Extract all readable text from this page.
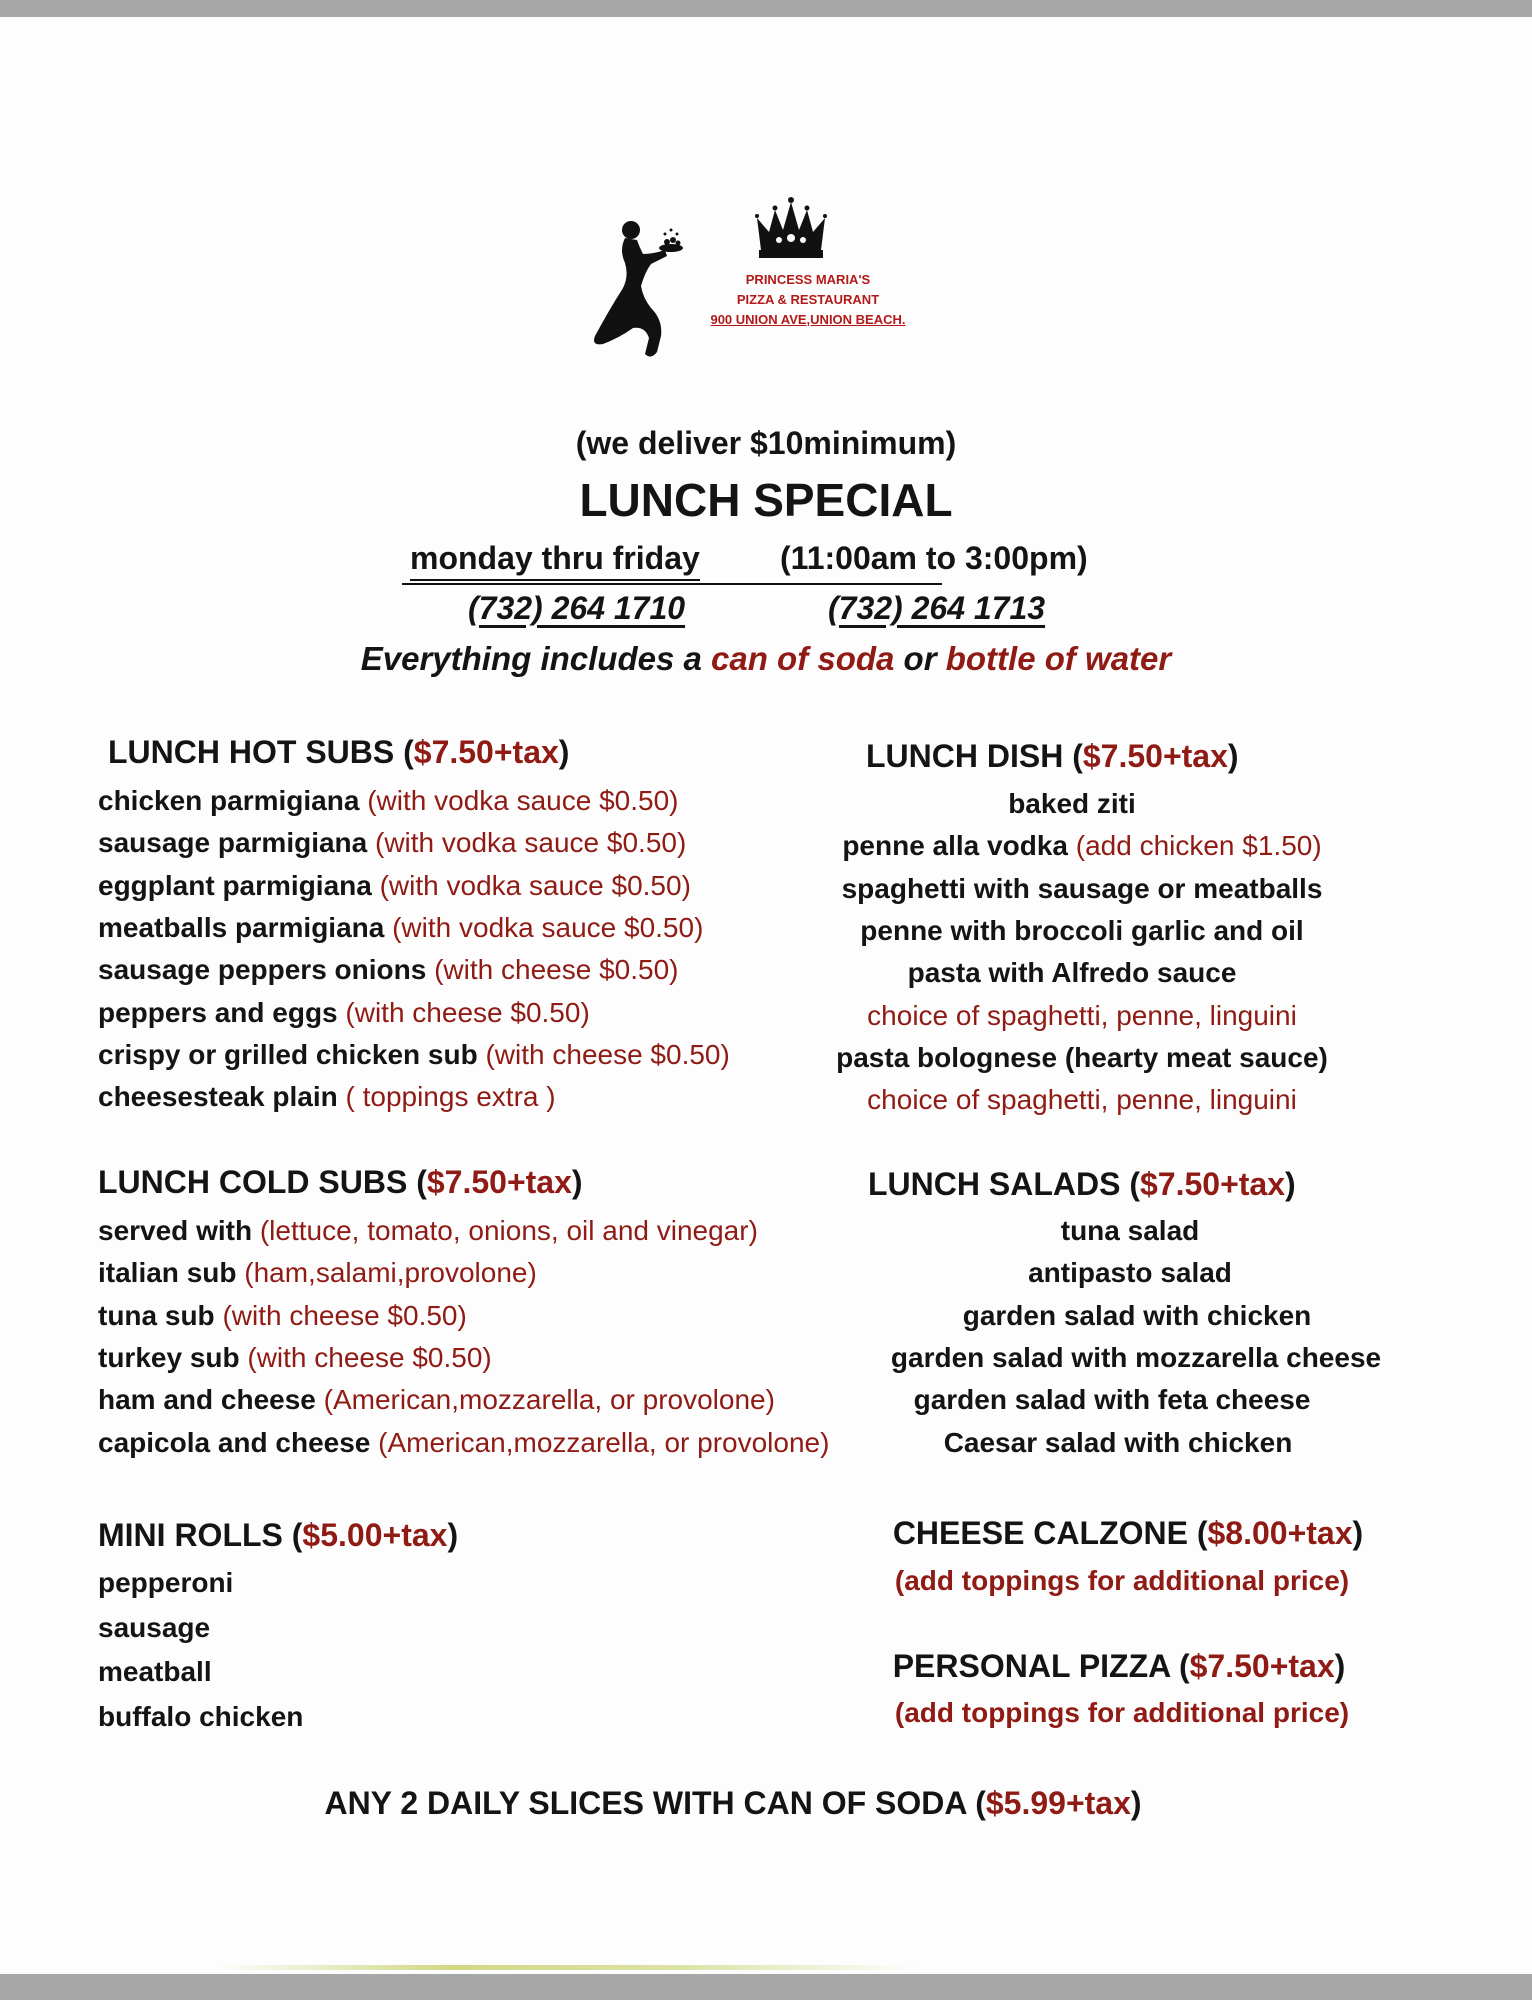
PRINCESS MARIA'S
PIZZA & RESTAURANT
900 UNION AVE,UNION BEACH.
(we deliver $10minimum)
LUNCH SPECIAL
monday thru friday	(11:00am to 3:00pm)
(732) 264 1710	(732) 264 1713
Everything includes a can of soda or bottle of water
LUNCH HOT SUBS ($7.50+tax)
chicken parmigiana (with vodka sauce $0.50)
sausage parmigiana (with vodka sauce $0.50)
eggplant parmigiana (with vodka sauce $0.50)
meatballs parmigiana (with vodka sauce $0.50)
sausage peppers onions (with cheese $0.50)
peppers and eggs (with cheese $0.50)
crispy or grilled chicken sub (with cheese $0.50)
cheesesteak plain ( toppings extra )
LUNCH DISH ($7.50+tax)
baked ziti
penne alla vodka (add chicken $1.50)
spaghetti with sausage or meatballs
penne with broccoli garlic and oil
pasta with Alfredo sauce
choice of spaghetti, penne, linguini
pasta bolognese (hearty meat sauce)
choice of spaghetti, penne, linguini
LUNCH COLD SUBS ($7.50+tax)
served with (lettuce, tomato, onions, oil and vinegar)
italian sub (ham,salami,provolone)
tuna sub (with cheese $0.50)
turkey sub (with cheese $0.50)
ham and cheese (American,mozzarella, or provolone)
capicola and cheese (American,mozzarella, or provolone)
LUNCH SALADS ($7.50+tax)
tuna salad
antipasto salad
garden salad with chicken
garden salad with mozzarella cheese
garden salad with feta cheese
Caesar salad with chicken
MINI ROLLS ($5.00+tax)
pepperoni
sausage
meatball
buffalo chicken
CHEESE CALZONE ($8.00+tax)
(add toppings for additional price)
PERSONAL PIZZA ($7.50+tax)
(add toppings for additional price)
ANY 2 DAILY SLICES WITH CAN OF SODA ($5.99+tax)
